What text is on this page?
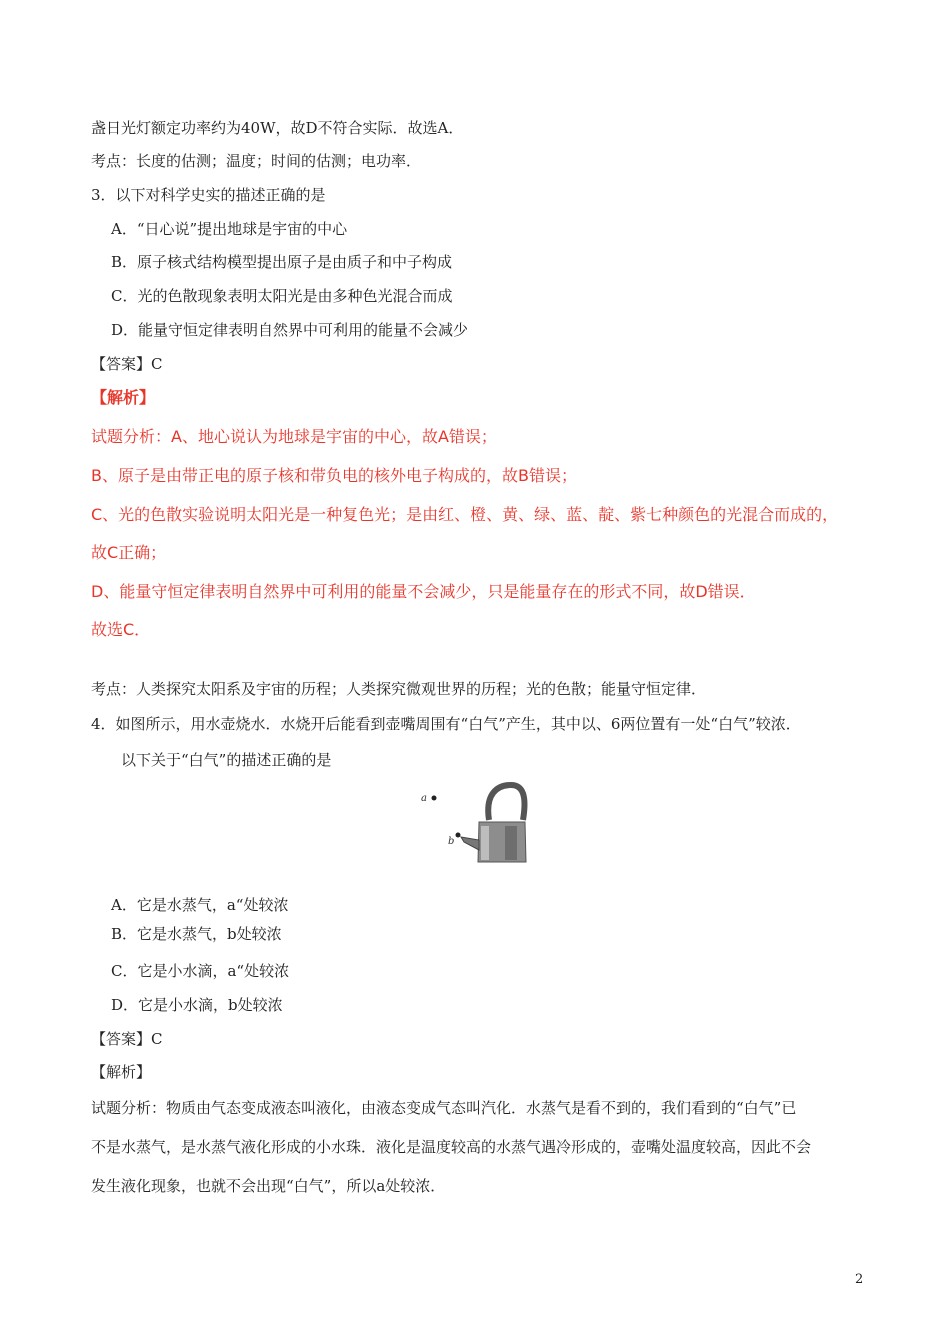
盏日光灯额定功率约为40W，故D不符合实际．故选A．
考点：长度的估测；温度；时间的估测；电功率．
3．以下对科学史实的描述正确的是
A．“日心说”提出地球是宇宙的中心
B．原子核式结构模型提出原子是由质子和中子构成
C．光的色散现象表明太阳光是由多种色光混合而成
D．能量守恒定律表明自然界中可利用的能量不会减少
【答案】C
【解析】
试题分析：A、地心说认为地球是宇宙的中心，故A错误；
B、原子是由带正电的原子核和带负电的核外电子构成的，故B错误；
C、光的色散实验说明太阳光是一种复色光；是由红、橙、黄、绿、蓝、靛、紫七种颜色的光混合而成的，
故C正确；
D、能量守恒定律表明自然界中可利用的能量不会减少，只是能量存在的形式不同，故D错误．
故选C．
考点：人类探究太阳系及宇宙的历程；人类探究微观世界的历程；光的色散；能量守恒定律．
4．如图所示，用水壶烧水．水烧开后能看到壶嘴周围有“白气”产生，其中以、6两位置有一处“白气”较浓．
以下关于“白气”的描述正确的是
a
b
A．它是水蒸气，a“处较浓
B．它是水蒸气，b处较浓
C．它是小水滴，a“处较浓
D．它是小水滴，b处较浓
【答案】C
【解析】
试题分析：物质由气态变成液态叫液化，由液态变成气态叫汽化．水蒸气是看不到的，我们看到的“白气”已
不是水蒸气，是水蒸气液化形成的小水珠．液化是温度较高的水蒸气遇冷形成的，壶嘴处温度较高，因此不会
发生液化现象，也就不会出现“白气”，所以a处较浓．
2
